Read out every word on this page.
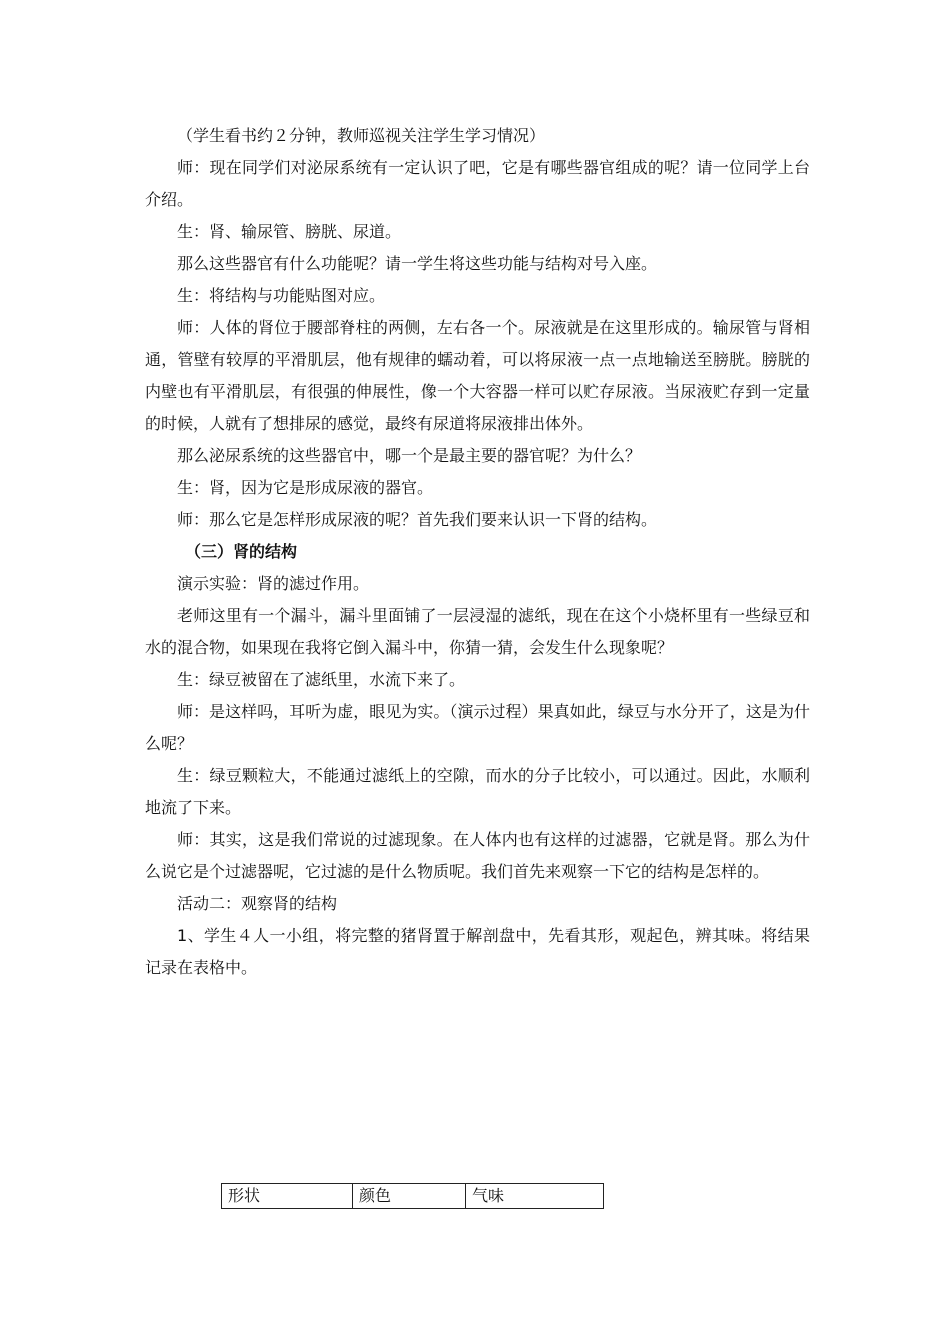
（学生看书约２分钟，教师巡视关注学生学习情况）

师：现在同学们对泌尿系统有一定认识了吧，它是有哪些器官组成的呢？请一位同学上台介绍。

生：肾、输尿管、膀胱、尿道。

那么这些器官有什么功能呢？请一学生将这些功能与结构对号入座。

生：将结构与功能贴图对应。

师：人体的肾位于腰部脊柱的两侧，左右各一个。尿液就是在这里形成的。输尿管与肾相通，管壁有较厚的平滑肌层，他有规律的蠕动着，可以将尿液一点一点地输送至膀胱。膀胱的内壁也有平滑肌层，有很强的伸展性，像一个大容器一样可以贮存尿液。当尿液贮存到一定量的时候，人就有了想排尿的感觉，最终有尿道将尿液排出体外。

那么泌尿系统的这些器官中，哪一个是最主要的器官呢？为什么？

生：肾，因为它是形成尿液的器官。

师：那么它是怎样形成尿液的呢？首先我们要来认识一下肾的结构。

（三）肾的结构

演示实验：肾的滤过作用。

老师这里有一个漏斗，漏斗里面铺了一层浸湿的滤纸，现在在这个小烧杯里有一些绿豆和水的混合物，如果现在我将它倒入漏斗中，你猜一猜，会发生什么现象呢？

生：绿豆被留在了滤纸里，水流下来了。

师：是这样吗，耳听为虚，眼见为实。（演示过程）果真如此，绿豆与水分开了，这是为什么呢？

生：绿豆颗粒大，不能通过滤纸上的空隙，而水的分子比较小，可以通过。因此，水顺利地流了下来。

师：其实，这是我们常说的过滤现象。在人体内也有这样的过滤器，它就是肾。那么为什么说它是个过滤器呢，它过滤的是什么物质呢。我们首先来观察一下它的结构是怎样的。

活动二：观察肾的结构

1、学生４人一小组，将完整的猪肾置于解剖盘中，先看其形，观起色，辨其味。将结果记录在表格中。

形状	颜色	气味
